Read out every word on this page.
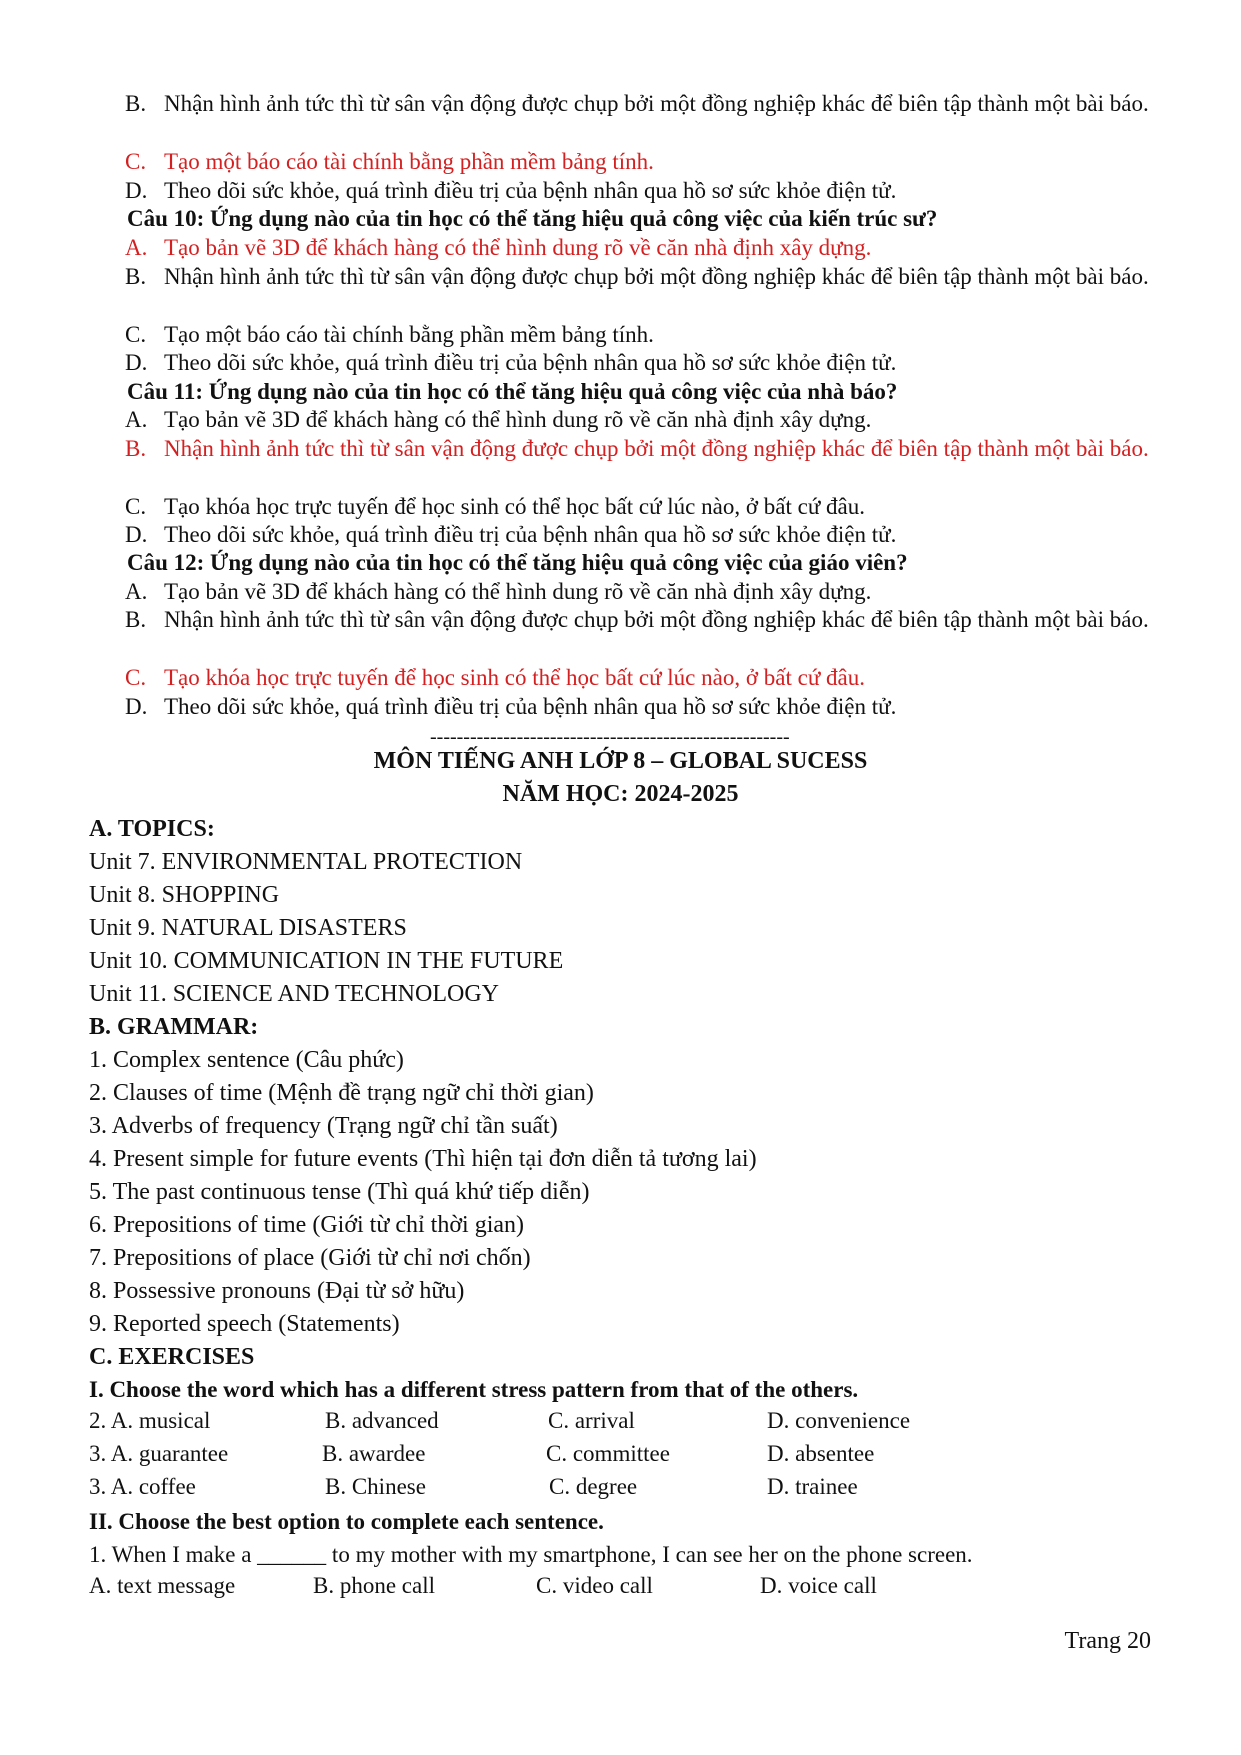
B. Nhận hình ảnh tức thì từ sân vận động được chụp bởi một đồng nghiệp khác để biên tập thành một bài báo.
C. Tạo một báo cáo tài chính bằng phần mềm bảng tính.
D. Theo dõi sức khỏe, quá trình điều trị của bệnh nhân qua hồ sơ sức khỏe điện tử.
Câu 10: Ứng dụng nào của tin học có thể tăng hiệu quả công việc của kiến trúc sư?
A. Tạo bản vẽ 3D để khách hàng có thể hình dung rõ về căn nhà định xây dựng.
B. Nhận hình ảnh tức thì từ sân vận động được chụp bởi một đồng nghiệp khác để biên tập thành một bài báo.
C. Tạo một báo cáo tài chính bằng phần mềm bảng tính.
D. Theo dõi sức khỏe, quá trình điều trị của bệnh nhân qua hồ sơ sức khỏe điện tử.
Câu 11: Ứng dụng nào của tin học có thể tăng hiệu quả công việc của nhà báo?
A. Tạo bản vẽ 3D để khách hàng có thể hình dung rõ về căn nhà định xây dựng.
B. Nhận hình ảnh tức thì từ sân vận động được chụp bởi một đồng nghiệp khác để biên tập thành một bài báo.
C. Tạo khóa học trực tuyến để học sinh có thể học bất cứ lúc nào, ở bất cứ đâu.
D. Theo dõi sức khỏe, quá trình điều trị của bệnh nhân qua hồ sơ sức khỏe điện tử.
Câu 12: Ứng dụng nào của tin học có thể tăng hiệu quả công việc của giáo viên?
A. Tạo bản vẽ 3D để khách hàng có thể hình dung rõ về căn nhà định xây dựng.
B. Nhận hình ảnh tức thì từ sân vận động được chụp bởi một đồng nghiệp khác để biên tập thành một bài báo.
C. Tạo khóa học trực tuyến để học sinh có thể học bất cứ lúc nào, ở bất cứ đâu.
D. Theo dõi sức khỏe, quá trình điều trị của bệnh nhân qua hồ sơ sức khỏe điện tử.
------------------------------------------------------
MÔN TIẾNG ANH LỚP 8 – GLOBAL SUCESS
NĂM HỌC: 2024-2025
A. TOPICS:
Unit 7. ENVIRONMENTAL PROTECTION
Unit 8. SHOPPING
Unit 9. NATURAL DISASTERS
Unit 10. COMMUNICATION IN THE FUTURE
Unit 11. SCIENCE AND TECHNOLOGY
B. GRAMMAR:
1. Complex sentence (Câu phức)
2. Clauses of time (Mệnh đề trạng ngữ chỉ thời gian)
3. Adverbs of frequency (Trạng ngữ chỉ tần suất)
4. Present simple for future events (Thì hiện tại đơn diễn tả tương lai)
5. The past continuous tense (Thì quá khứ tiếp diễn)
6. Prepositions of time (Giới từ chỉ thời gian)
7. Prepositions of place (Giới từ chỉ nơi chốn)
8. Possessive pronouns (Đại từ sở hữu)
9. Reported speech (Statements)
C. EXERCISES
I. Choose the word which has a different stress pattern from that of the others.
2. A. musical	B. advanced	C. arrival	D. convenience
3. A. guarantee	B. awardee	C. committee	D. absentee
3. A. coffee	B. Chinese	C. degree	D. trainee
II. Choose the best option to complete each sentence.
1. When I make a ______ to my mother with my smartphone, I can see her on the phone screen.
A. text message	B. phone call	C. video call	D. voice call
Trang 20
